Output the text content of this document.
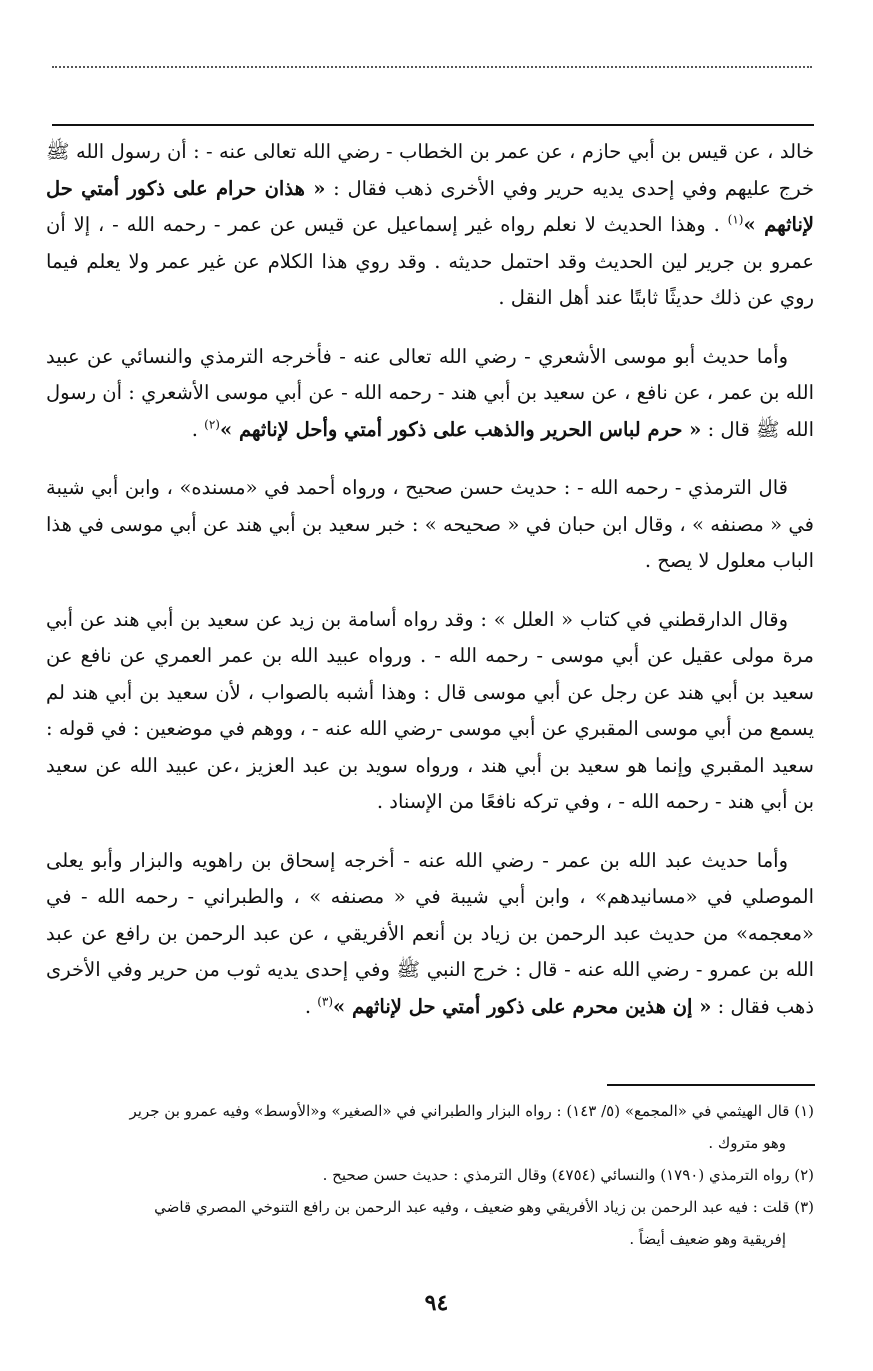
خالد ، عن قيس بن أبي حازم ، عن عمر بن الخطاب - رضي الله تعالى عنه - : أن رسول الله ﷺ خرج عليهم وفي إحدى يديه حرير وفي الأخرى ذهب فقال : « هذان حرام على ذكور أمتي حل لإناثهم »$^{(١)}$ . وهذا الحديث لا نعلم رواه غير إسماعيل عن قيس عن عمر - رحمه الله - ، إلا أن عمرو بن جرير لين الحديث وقد احتمل حديثه . وقد روي هذا الكلام عن غير عمر ولا يعلم فيما روي عن ذلك حديثًا ثابتًا عند أهل النقل .

وأما حديث أبو موسى الأشعري - رضي الله تعالى عنه - فأخرجه الترمذي والنسائي عن عبيد الله بن عمر ، عن نافع ، عن سعيد بن أبي هند - رحمه الله - عن أبي موسى الأشعري : أن رسول الله ﷺ قال : « حرم لباس الحرير والذهب على ذكور أمتي وأحل لإناثهم »$^{(٢)}$ .

قال الترمذي - رحمه الله - : حديث حسن صحيح ، ورواه أحمد في «مسنده» ، وابن أبي شيبة في « مصنفه » ، وقال ابن حبان في « صحيحه » : خبر سعيد بن أبي هند عن أبي موسى في هذا الباب معلول لا يصح .

وقال الدارقطني في كتاب « العلل » : وقد رواه أسامة بن زيد عن سعيد بن أبي هند عن أبي مرة مولى عقيل عن أبي موسى - رحمه الله - . ورواه عبيد الله بن عمر العمري عن نافع عن سعيد بن أبي هند عن رجل عن أبي موسى قال : وهذا أشبه بالصواب ، لأن سعيد بن أبي هند لم يسمع من أبي موسى المقبري عن أبي موسى -رضي الله عنه - ، ووهم في موضعين : في قوله : سعيد المقبري وإنما هو سعيد بن أبي هند ، ورواه سويد بن عبد العزيز ،عن عبيد الله عن سعيد بن أبي هند - رحمه الله - ، وفي تركه نافعًا من الإسناد .

وأما حديث عبد الله بن عمر - رضي الله عنه - أخرجه إسحاق بن راهويه والبزار وأبو يعلى الموصلي في «مسانيدهم» ، وابن أبي شيبة في « مصنفه » ، والطبراني - رحمه الله - في «معجمه» من حديث عبد الرحمن بن زياد بن أنعم الأفريقي ، عن عبد الرحمن بن رافع عن عبد الله بن عمرو - رضي الله عنه - قال : خرج النبي ﷺ وفي إحدى يديه ثوب من حرير وفي الأخرى ذهب فقال : « إن هذين محرم على ذكور أمتي حل لإناثهم »$^{(٣)}$ .

(١) قال الهيثمي في «المجمع» (٥/ ١٤٣) : رواه البزار والطبراني في «الصغير» و«الأوسط» وفيه عمرو بن جرير

وهو متروك .

(٢) رواه الترمذي (١٧٩٠) والنسائي (٤٧٥٤) وقال الترمذي : حديث حسن صحيح .

(٣) قلت : فيه عبد الرحمن بن زياد الأفريقي وهو ضعيف ، وفيه عبد الرحمن بن رافع التنوخي المصري قاضي

إفريقية وهو ضعيف أيضاً .

٩٤
